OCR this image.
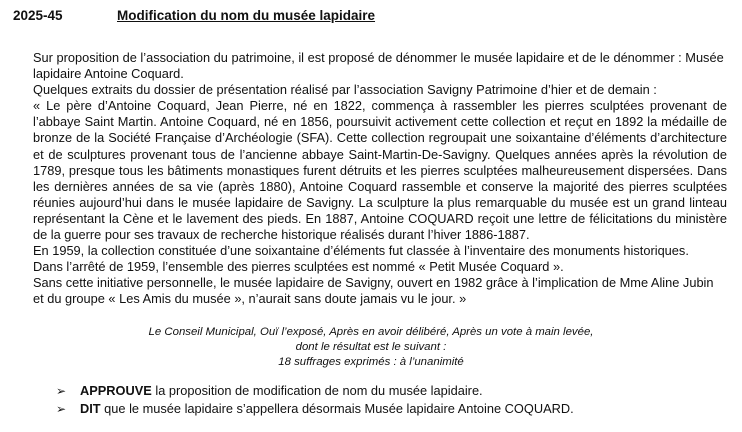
2025-45	Modification du nom du musée lapidaire

Sur proposition de l’association du patrimoine, il est proposé de dénommer le musée lapidaire et de le dénommer : Musée lapidaire Antoine Coquard.

Quelques extraits du dossier de présentation réalisé par l’association Savigny Patrimoine d’hier et de demain :

« Le père d’Antoine Coquard, Jean Pierre, né en 1822, commença à rassembler les pierres sculptées provenant de l’abbaye Saint Martin. Antoine Coquard, né en 1856, poursuivit activement cette collection et reçut en 1892 la médaille de bronze de la Société Française d’Archéologie (SFA). Cette collection regroupait une soixantaine d’éléments d’architecture et de sculptures provenant tous de l’ancienne abbaye Saint-Martin-De-Savigny. Quelques années après la révolution de 1789, presque tous les bâtiments monastiques furent détruits et les pierres sculptées malheureusement dispersées. Dans les dernières années de sa vie (après 1880), Antoine Coquard rassemble et conserve la majorité des pierres sculptées réunies aujourd’hui dans le musée lapidaire de Savigny. La sculpture la plus remarquable du musée est un grand linteau représentant la Cène et le lavement des pieds. En 1887, Antoine COQUARD reçoit une lettre de félicitations du ministère de la guerre pour ses travaux de recherche historique réalisés durant l’hiver 1886-1887.

En 1959, la collection constituée d’une soixantaine d’éléments fut classée à l’inventaire des monuments historiques.

Dans l’arrêté de 1959, l’ensemble des pierres sculptées est nommé « Petit Musée Coquard ».

Sans cette initiative personnelle, le musée lapidaire de Savigny, ouvert en 1982 grâce à l’implication de Mme Aline Jubin et du groupe « Les Amis du musée », n’aurait sans doute jamais vu le jour. »

Le Conseil Municipal, Ouï l’exposé, Après en avoir délibéré, Après un vote à main levée,
dont le résultat est le suivant :
18 suffrages exprimés : à l’unanimité
➢ APPROUVE la proposition de modification de nom du musée lapidaire.
➢ DIT que le musée lapidaire s’appellera désormais Musée lapidaire Antoine COQUARD.
